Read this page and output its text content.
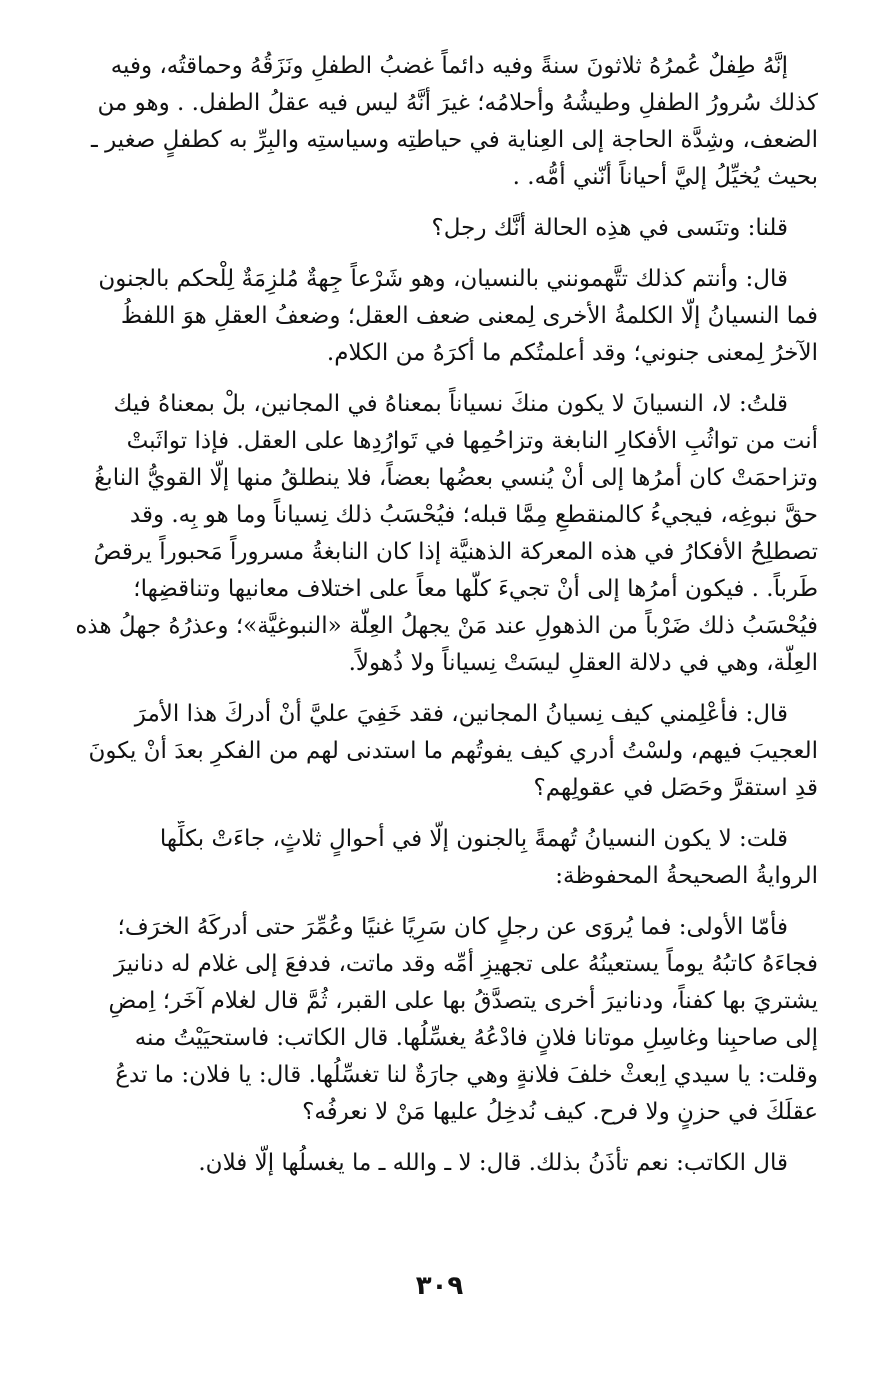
إنَّهُ طِفلٌ عُمرُهُ ثلاثونَ سنةً وفيه دائماً غضبُ الطفلِ ونَزَقُهُ وحماقتُه، وفيه
كذلك سُرورُ الطفلِ وطيشُهُ وأحلامُه؛ غيرَ أنَّهُ ليس فيه عقلُ الطفل. . وهو من
الضعف، وشِدَّة الحاجة إلى العِناية في حياطتِه وسياستِه والبِرِّ به كطفلٍ صغير ـ
بحيث يُخيِّلُ إليَّ أحياناً أنّني أمُّه. .
قلنا: وتنَسى في هذِه الحالة أنَّك رجل؟
قال: وأنتم كذلك تتَّهمونني بالنسيان، وهو شَرْعاً جِهةٌ مُلزِمَةٌ لِلْحكم بالجنون
فما النسيانُ إلّا الكلمةُ الأخرى لِمعنى ضعف العقل؛ وضعفُ العقلِ هوَ اللفظُ
الآخرُ لِمعنى جنوني؛ وقد أعلمتُكم ما أكرَهُ من الكلام.
قلتُ: لا، النسيانَ لا يكون منكَ نسياناً بمعناهُ في المجانين، بلْ بمعناهُ فيك
أنت من تواثُبِ الأفكارِ النابغة وتزاحُمِها في تَوارُدِها على العقل. فإذا تواثَبتْ
وتزاحمَتْ كان أمرُها إلى أنْ يُنسي بعضُها بعضاً، فلا ينطلقُ منها إلّا القويُّ النابغُ
حقَّ نبوغِه، فيجيءُ كالمنقطعِ مِمَّا قبله؛ فيُحْسَبُ ذلك نِسياناً وما هو بِه. وقد
تصطلِحُ الأفكارُ في هذه المعركة الذهنيَّة إذا كان النابغةُ مسروراً مَحبوراً يرقصُ
طَرباً. . فيكون أمرُها إلى أنْ تجيءَ كلُّها معاً على اختلاف معانيها وتناقضِها؛
فيُحْسَبُ ذلك ضَرْباً من الذهولِ عند مَنْ يجهلُ العِلَّة «النبوغيَّة»؛ وعذرُهُ جهلُ هذه
العِلَّة، وهي في دلالة العقلِ ليسَتْ نِسياناً ولا ذُهولاً.
قال: فأعْلِمني كيف نِسيانُ المجانين، فقد خَفِيَ عليَّ أنْ أدركَ هذا الأمرَ
العجيبَ فيهم، ولسْتُ أدري كيف يفوتُهم ما استدنى لهم من الفكرِ بعدَ أنْ يكونَ
قدِ استقرَّ وحَصَل في عقولِهم؟
قلت: لا يكون النسيانُ تُهمةً بِالجنون إلّا في أحوالٍ ثلاثٍ، جاءَتْ بكلِّها
الروايةُ الصحيحةُ المحفوظة:
فأمّا الأولى: فما يُروَى عن رجلٍ كان سَرِيًا غنيًا وعُمِّرَ حتى أدركَهُ الخرَف؛
فجاءَهُ كاتبُهُ يوماً يستعينُهُ على تجهيزِ أمِّه وقد ماتت، فدفعَ إلى غلام له دنانيرَ
يشتريَ بها كفناً، ودنانيرَ أخرى يتصدَّقُ بها على القبر، ثُمَّ قال لغلام آخَر؛ اِمضِ
إلى صاحبِنا وغاسِلِ موتانا فلانٍ فادْعُهُ يغسِّلُها. قال الكاتب: فاستحيَيْتُ منه
وقلت: يا سيدي اِبعثْ خلفَ فلانةٍ وهي جارَةٌ لنا تغسِّلُها. قال: يا فلان: ما تدعُ
عقلَكَ في حزنٍ ولا فرح. كيف نُدخِلُ عليها مَنْ لا نعرفُه؟
قال الكاتب: نعم تأذَنُ بذلك. قال: لا ـ والله ـ ما يغسلُها إلّا فلان.
٣٠٩
